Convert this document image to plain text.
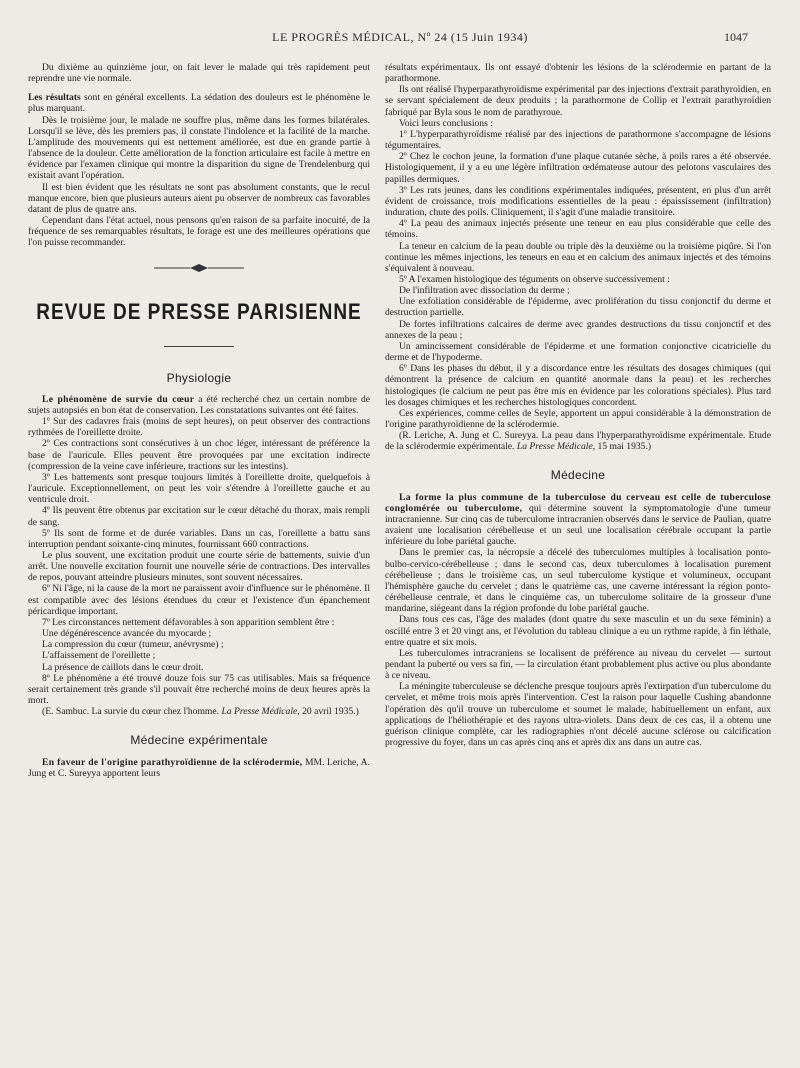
LE PROGRÈS MÉDICAL, Nº 24 (15 Juin 1934)	1047

Du dixième au quinzième jour, on fait lever le malade qui très rapidement peut reprendre une vie normale.

Les résultats sont en général excellents. La sédation des douleurs est le phénomène le plus marquant.

Dès le troisième jour, le malade ne souffre plus, même dans les formes bilatérales. Lorsqu'il se lève, dès les premiers pas, il constate l'indolence et la facilité de la marche. L'amplitude des mouvements qui est nettement améliorée, est due en grande partie à l'absence de la douleur. Cette amélioration de la fonction articulaire est facile à mettre en évidence par l'examen clinique qui montre la disparition du signe de Trendelenburg qui existait avant l'opération.

Il est bien évident que les résultats ne sont pas absolument constants, que le recul manque encore, bien que plusieurs auteurs aient pu observer de nombreux cas favorables datant de plus de quatre ans.

Cependant dans l'état actuel, nous pensons qu'en raison de sa parfaite inocuité, de la fréquence de ses remarquables résultats, le forage est une des meilleures opérations que l'on puisse recommander.

REVUE DE PRESSE PARISIENNE
Physiologie

Le phénomène de survie du cœur a été recherché chez un certain nombre de sujets autopsiés en bon état de conservation. Les constatations suivantes ont été faites.

1º Sur des cadavres frais (moins de sept heures), on peut observer des contractions rythmées de l'oreillette droite.

2º Ces contractions sont consécutives à un choc léger, intéressant de préférence la base de l'auricule. Elles peuvent être provoquées par une excitation indirecte (compression de la veine cave inférieure, tractions sur les intestins).

3º Les battements sont presque toujours limités à l'oreillette droite, quelquefois à l'auricule. Exceptionnellement, on peut les voir s'étendre à l'oreillette gauche et au ventricule droit.

4º Ils peuvent être obtenus par excitation sur le cœur détaché du thorax, mais rempli de sang.

5º Ils sont de forme et de durée variables. Dans un cas, l'oreillette a battu sans interruption pendant soixante-cinq minutes, fournissant 660 contractions.

Le plus souvent, une excitation produit une courte série de battements, suivie d'un arrêt. Une nouvelle excitation fournit une nouvelle série de contractions. Des intervalles de repos, pouvant atteindre plusieurs minutes, sont souvent nécessaires.

6º Ni l'âge, ni la cause de la mort ne paraissent avoir d'influence sur le phénomène. Il est compatible avec des lésions étendues du cœur et l'existence d'un épanchement péricardique important.

7º Les circonstances nettement défavorables à son apparition semblent être :

Une dégénérescence avancée du myocarde ;

La compression du cœur (tumeur, anévrysme) ;

L'affaissement de l'oreillette ;

La présence de caillots dans le cœur droit.

8º Le phénomène a été trouvé douze fois sur 75 cas utilisables. Mais sa fréquence serait certainement très grande s'il pouvait être recherché moins de deux heures après la mort.

(E. Sambuc. La survie du cœur chez l'homme. La Presse Médicale, 20 avril 1935.)

Médecine expérimentale

En faveur de l'origine parathyroïdienne de la sclérodermie, MM. Leriche, A. Jung et C. Sureyya apportent leurs

résultats expérimentaux. Ils ont essayé d'obtenir les lésions de la sclérodermie en partant de la parathormone.

Ils ont réalisé l'hyperparathyroïdisme expérimental par des injections d'extrait parathyroïdien, en se servant spécialement de deux produits ; la parathormone de Collip et l'extrait parathyroïdien fabriqué par Byla sous le nom de parathyroue.

Voici leurs conclusions :

1º L'hyperparathyroïdisme réalisé par des injections de parathormone s'accompagne de lésions tégumentaires.

2º Chez le cochon jeune, la formation d'une plaque cutanée sèche, à poils rares a été observée. Histologiquement, il y a eu une légère infiltration œdémateuse autour des pelotons vasculaires des papilles dermiques.

3º Les rats jeunes, dans les conditions expérimentales indiquées, présentent, en plus d'un arrêt évident de croissance, trois modifications essentielles de la peau : épaississement (infiltration) induration, chute des poils. Cliniquement, il s'agit d'une maladie transitoire.

4º La peau des animaux injectés présente une teneur en eau plus considérable que celle des témoins.

La teneur en calcium de la peau double ou triple dès la deuxième ou la troisième piqûre. Si l'on continue les mêmes injections, les teneurs en eau et en calcium des animaux injectés et des témoins s'équivalent à nouveau.

5º A l'examen histologique des téguments on observe successivement :

De l'infiltration avec dissociation du derme ;

Une exfoliation considérable de l'épiderme, avec prolifération du tissu conjonctif du derme et destruction partielle.

De fortes infiltrations calcaires de derme avec grandes destructions du tissu conjonctif et des annexes de la peau ;

Un amincissement considérable de l'épiderme et une formation conjonctive cicatricielle du derme et de l'hypoderme.

6º Dans les phases du début, il y a discordance entre les résultats des dosages chimiques (qui démontrent la présence de calcium en quantité anormale dans la peau) et les recherches histologiques (le calcium ne peut pas être mis en évidence par les colorations spéciales). Plus tard les dosages chimiques et les recherches histologiques concordent.

Ces expériences, comme celles de Seyle, apportent un appui considérable à la démonstration de l'origine parathyroïdienne de la sclérodermie.

(R. Leriche, A. Jung et C. Sureyya. La peau dans l'hyperparathyroïdisme expérimentale. Etude de la sclérodermie expérimentale. La Presse Médicale, 15 mai 1935.)

Médecine

La forme la plus commune de la tuberculose du cerveau est celle de tuberculose conglomérée ou tuberculome, qui détermine souvent la symptomatologie d'une tumeur intracranienne. Sur cinq cas de tuberculome intracranien observés dans le service de Paulian, quatre avaient une localisation cérébelleuse et un seul une localisation cérébrale occupant la partie inférieure du lobe pariétal gauche.

Dans le premier cas, la nécropsie a décelé des tuberculomes multiples à localisation ponto-bulbo-cervico-cérébelleuse ; dans le second cas, deux tuberculomes à localisation purement cérébelleuse ; dans le troisième cas, un seul tuberculome kystique et volumineux, occupant l'hémisphère gauche du cervelet ; dans le quatrième cas, une caverne intéressant la région ponto-cérébelleuse centrale, et dans le cinquième cas, un tuberculome solitaire de la grosseur d'une mandarine, siégeant dans la région profonde du lobe pariétal gauche.

Dans tous ces cas, l'âge des malades (dont quatre du sexe masculin et un du sexe féminin) a oscillé entre 3 et 20 vingt ans, et l'évolution du tableau clinique a eu un rythme rapide, à fin léthale, entre quatre et six mois.

Les tuberculomes intracraniens se localisent de préférence au niveau du cervelet — surtout pendant la puberté ou vers sa fin, — la circulation étant probablement plus active ou plus abondante à ce niveau.

La méningite tuberculeuse se déclenche presque toujours après l'extirpation d'un tuberculome du cervelet, et même trois mois après l'intervention. C'est la raison pour laquelle Cushing abandonne l'opération dès qu'il trouve un tuberculome et soumet le malade, habituellement un enfant, aux applications de l'héliothérapie et des rayons ultra-violets. Dans deux de ces cas, il a obtenu une guérison clinique complète, car les radiographies n'ont décelé aucune sclérose ou calcification progressive du foyer, dans un cas après cinq ans et après dix ans dans un autre cas.
